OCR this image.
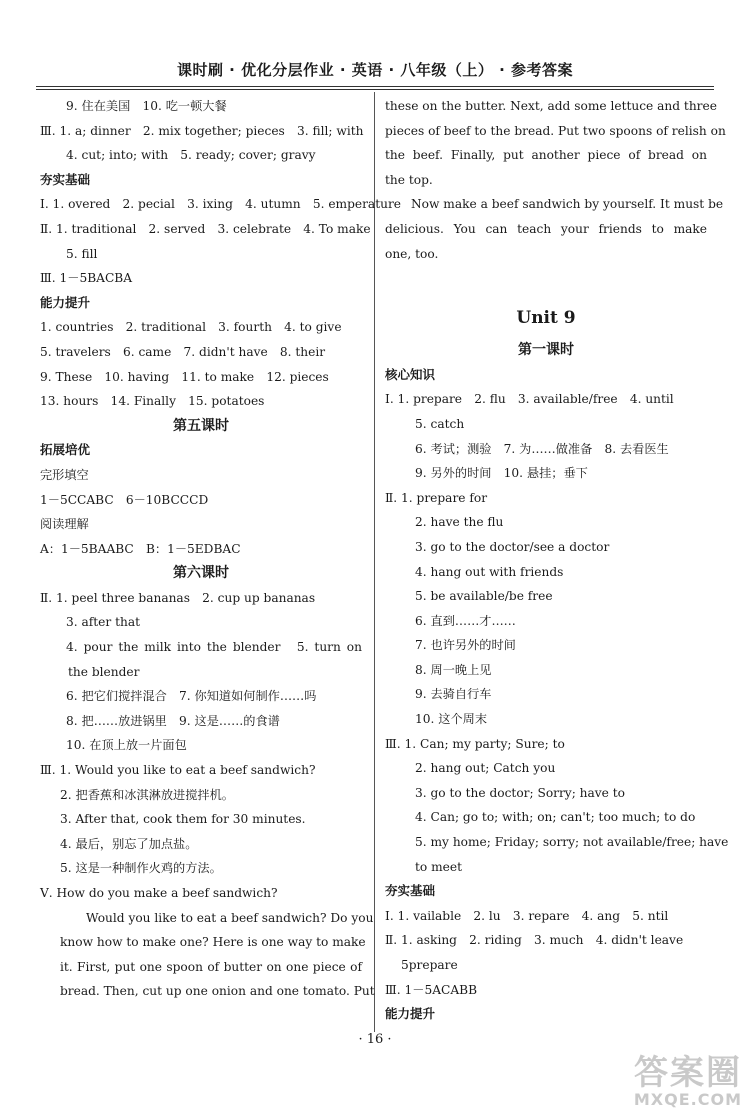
课时刷 · 优化分层作业 · 英语 · 八年级（上） · 参考答案
9. 住在美国　10. 吃一顿大餐
Ⅲ. 1. a; dinner　2. mix together; pieces　3. fill; with
4. cut; into; with　5. ready; cover; gravy
夯实基础
Ⅰ. 1. overed　2. pecial　3. ixing　4. utumn　5. emperature
Ⅱ. 1. traditional　2. served　3. celebrate　4. To make
5. fill
Ⅲ. 1－5BACBA
能力提升
1. countries　2. traditional　3. fourth　4. to give
5. travelers　6. came　7. didn't have　8. their
9. These　10. having　11. to make　12. pieces
13. hours　14. Finally　15. potatoes
第五课时
拓展培优
完形填空
1－5CCABC　6－10BCCCD
阅读理解
A：1－5BAABC　B：1－5EDBAC
第六课时
Ⅱ. 1. peel three bananas　2. cup up bananas
3. after that
4. pour the milk into the blender　5. turn on
the blender
6. 把它们搅拌混合　7. 你知道如何制作……吗
8. 把……放进锅里　9. 这是……的食谱
10. 在顶上放一片面包
Ⅲ. 1. Would you like to eat a beef sandwich?
2. 把香蕉和冰淇淋放进搅拌机。
3. After that, cook them for 30 minutes.
4. 最后，别忘了加点盐。
5. 这是一种制作火鸡的方法。
Ⅴ. How do you make a beef sandwich?
Would you like to eat a beef sandwich? Do you
know how to make one? Here is one way to make
it. First, put one spoon of butter on one piece of
bread. Then, cut up one onion and one tomato. Put
these on the butter. Next, add some lettuce and three
pieces of beef to the bread. Put two spoons of relish on
the beef. Finally, put another piece of bread on
the top.
Now make a beef sandwich by yourself. It must be
delicious. You can teach your friends to make
one, too.
Unit 9
第一课时
核心知识
Ⅰ. 1. prepare　2. flu　3. available/free　4. until
5. catch
6. 考试；测验　7. 为……做准备　8. 去看医生
9. 另外的时间　10. 悬挂；垂下
Ⅱ. 1. prepare for
2. have the flu
3. go to the doctor/see a doctor
4. hang out with friends
5. be available/be free
6. 直到……才……
7. 也许另外的时间
8. 周一晚上见
9. 去骑自行车
10. 这个周末
Ⅲ. 1. Can; my party; Sure; to
2. hang out; Catch you
3. go to the doctor; Sorry; have to
4. Can; go to; with; on; can't; too much; to do
5. my home; Friday; sorry; not available/free; have
to meet
夯实基础
Ⅰ. 1. vailable　2. lu　3. repare　4. ang　5. ntil
Ⅱ. 1. asking　2. riding　3. much　4. didn't leave
5prepare
Ⅲ. 1－5ACABB
能力提升
· 16 ·
答案圈
MXQE.COM
